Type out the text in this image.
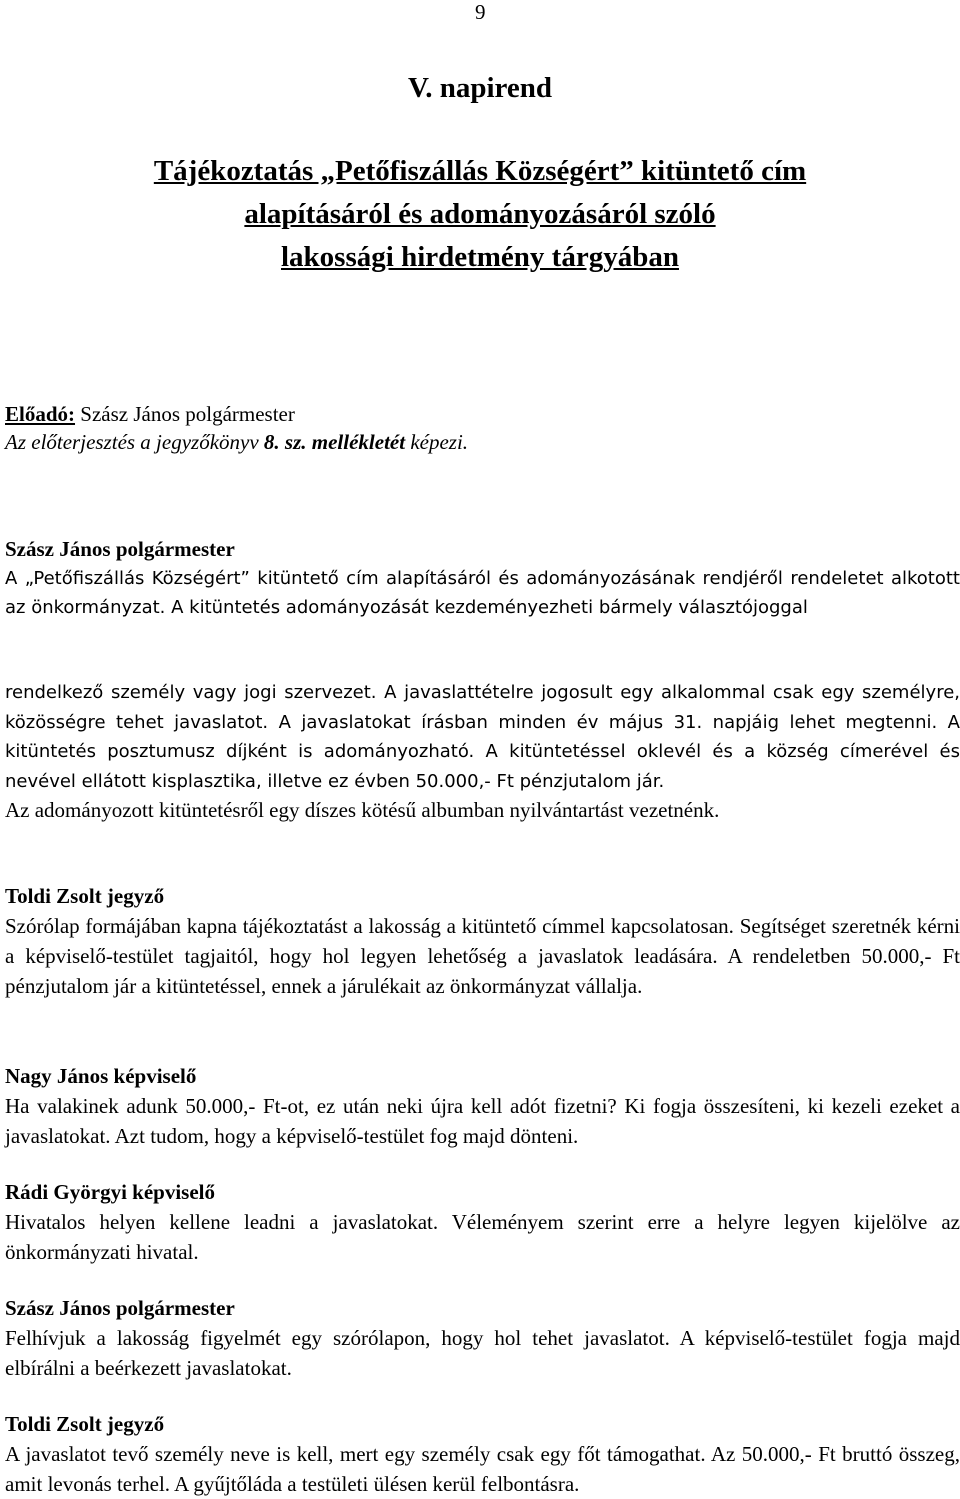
9
V. napirend
Tájékoztatás „Petőfiszállás Községért” kitüntető cím
alapításáról és adományozásáról szóló
lakossági hirdetmény tárgyában
Előadó: Szász János polgármester
Az előterjesztés a jegyzőkönyv 8. sz. mellékletét képezi.

Szász János polgármester

A „Petőfiszállás Községért” kitüntető cím alapításáról és adományozásának rendjéről rendeletet alkotott az önkormányzat. A kitüntetés adományozását kezdeményezheti bármely választójoggal

rendelkező személy vagy jogi szervezet. A javaslattételre jogosult egy alkalommal csak egy személyre, közösségre tehet javaslatot. A javaslatokat írásban minden év május 31. napjáig lehet megtenni. A kitüntetés posztumusz díjként is adományozható. A kitüntetéssel oklevél és a község címerével és nevével ellátott kisplasztika, illetve ez évben 50.000,- Ft pénzjutalom jár.

Az adományozott kitüntetésről egy díszes kötésű albumban nyilvántartást vezetnénk.

Toldi Zsolt jegyző

Szórólap formájában kapna tájékoztatást a lakosság a kitüntető címmel kapcsolatosan. Segítséget szeretnék kérni a képviselő-testület tagjaitól, hogy hol legyen lehetőség a javaslatok leadására. A rendeletben 50.000,- Ft pénzjutalom jár a kitüntetéssel, ennek a járulékait az önkormányzat vállalja.

Nagy János képviselő

Ha valakinek adunk 50.000,- Ft-ot, ez után neki újra kell adót fizetni? Ki fogja összesíteni, ki kezeli ezeket a javaslatokat. Azt tudom, hogy a képviselő-testület fog majd dönteni.

Rádi Györgyi képviselő

Hivatalos helyen kellene leadni a javaslatokat. Véleményem szerint erre a helyre legyen kijelölve az önkormányzati hivatal.

Szász János polgármester

Felhívjuk a lakosság figyelmét egy szórólapon, hogy hol tehet javaslatot. A képviselő-testület fogja majd elbírálni a beérkezett javaslatokat.

Toldi Zsolt jegyző

A javaslatot tevő személy neve is kell, mert egy személy csak egy főt támogathat. Az 50.000,- Ft bruttó összeg, amit levonás terhel. A gyűjtőláda a testületi ülésen kerül felbontásra.
